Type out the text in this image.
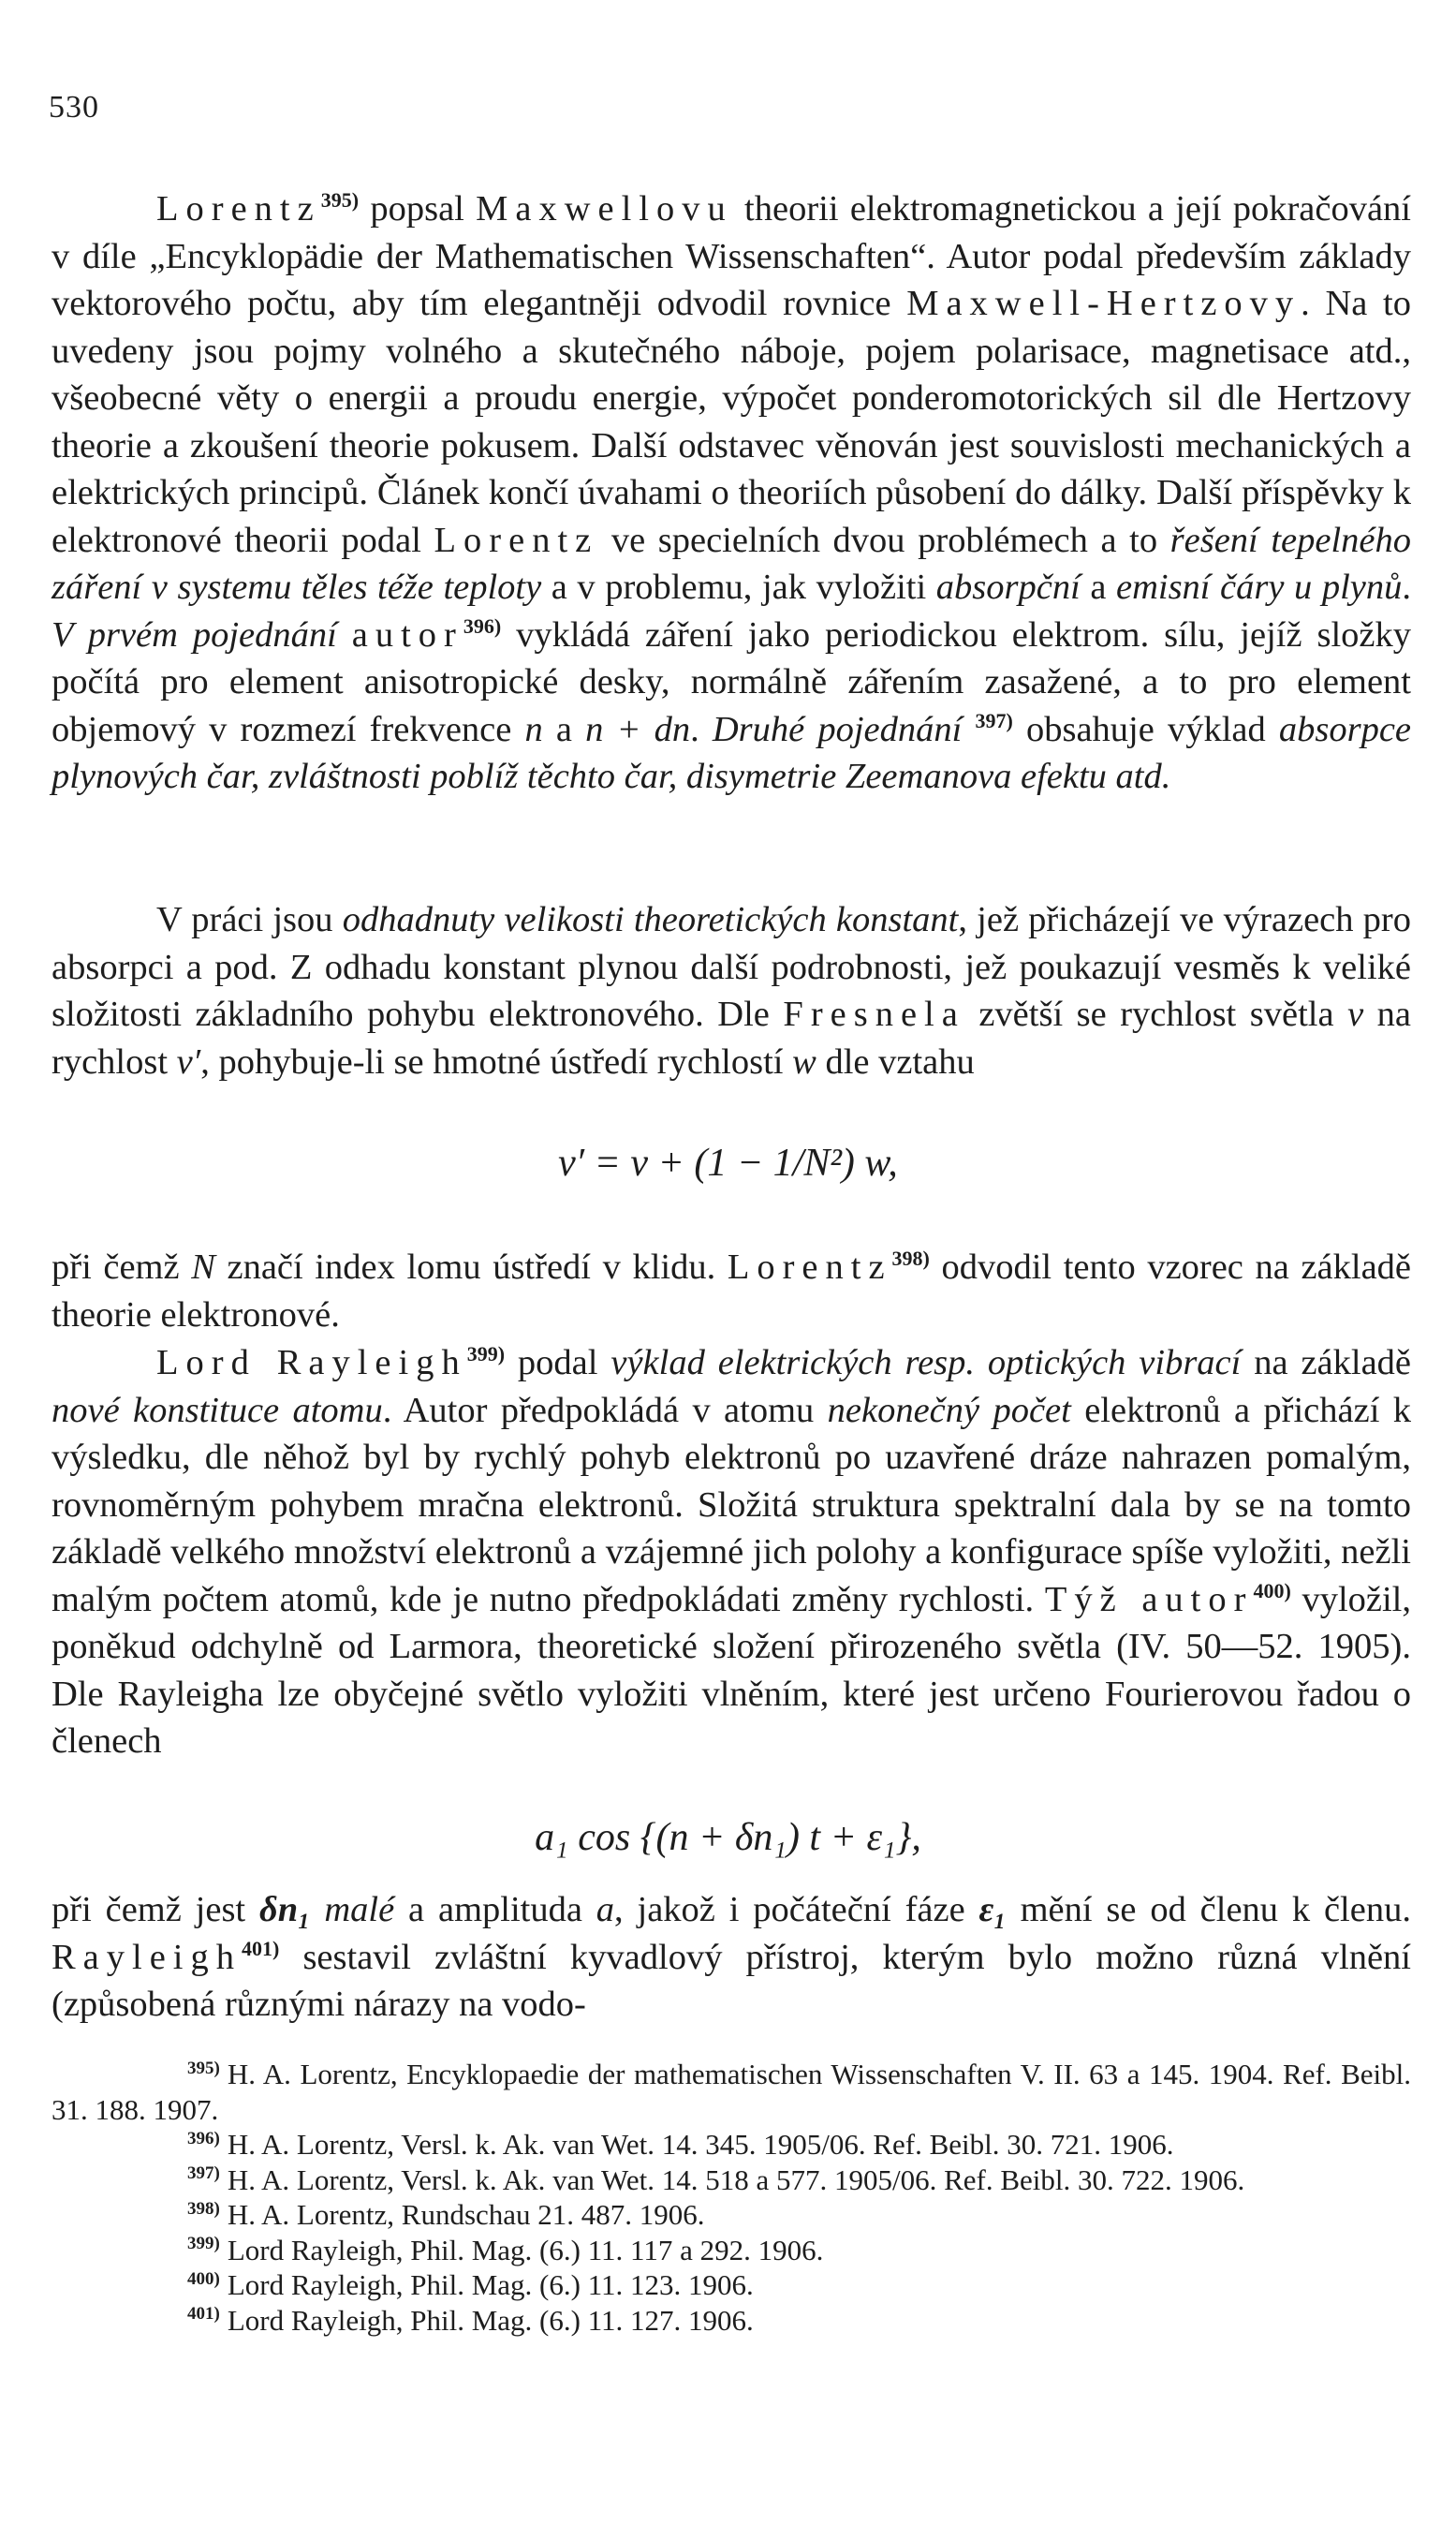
530

Lorentz$^{395)}$ popsal Maxwellovu theorii elektromagnetickou a její pokračování v díle „Encyklopädie der Mathematischen Wissenschaften“. Autor podal především základy vektorového počtu, aby tím elegantněji odvodil rovnice Maxwell-Hertzovy. Na to uvedeny jsou pojmy volného a skutečného náboje, pojem polarisace, magnetisace atd., všeobecné věty o energii a proudu energie, výpočet ponderomotorických sil dle Hertzovy theorie a zkoušení theorie pokusem. Další odstavec věnován jest souvislosti mechanických a elektrických principů. Článek končí úvahami o theoriích působení do dálky. Další příspěvky k elektronové theorii podal Lorentz ve specielních dvou problémech a to řešení tepelného záření v systemu těles téže teploty a v problemu, jak vyložiti absorpční a emisní čáry u plynů. V prvém pojednání autor$^{396)}$ vykládá záření jako periodickou elektrom. sílu, jejíž složky počítá pro element anisotropické desky, normálně zářením zasažené, a to pro element objemový v rozmezí frekvence n a n + dn. Druhé pojednání $^{397)}$ obsahuje výklad absorpce plynových čar, zvláštnosti poblíž těchto čar, disymetrie Zeemanova efektu atd.

V práci jsou odhadnuty velikosti theoretických konstant, jež přicházejí ve výrazech pro absorpci a pod. Z odhadu konstant plynou další podrobnosti, jež poukazují vesměs k veliké složitosti základního pohybu elektronového. Dle Fresnela zvětší se rychlost světla v na rychlost v′, pohybuje-li se hmotné ústředí rychlostí w dle vztahu

v′ = v + (1 − 1/N²) w,

při čemž N značí index lomu ústředí v klidu. Lorentz$^{398)}$ odvodil tento vzorec na základě theorie elektronové.

Lord Rayleigh$^{399)}$ podal výklad elektrických resp. optických vibrací na základě nové konstituce atomu. Autor předpokládá v atomu nekonečný počet elektronů a přichází k výsledku, dle něhož byl by rychlý pohyb elektronů po uzavřené dráze nahrazen pomalým, rovnoměrným pohybem mračna elektronů. Složitá struktura spektralní dala by se na tomto základě velkého množství elektronů a vzájemné jich polohy a konfigurace spíše vyložiti, nežli malým počtem atomů, kde je nutno předpokládati změny rychlosti. Týž autor$^{400)}$ vyložil, poněkud odchylně od Larmora, theoretické složení přirozeného světla (IV. 50—52. 1905). Dle Rayleigha lze obyčejné světlo vyložiti vlněním, které jest určeno Fourierovou řadou o členech

a₁ cos {(n + δn₁) t + ε₁},

při čemž jest δn₁ malé a amplituda a, jakož i počáteční fáze ε₁ mění se od členu k členu. Rayleigh$^{401)}$ sestavil zvláštní kyvadlový přístroj, kterým bylo možno různá vlnění (způsobená různými nárazy na vodo-

$^{395)}$ H. A. Lorentz, Encyklopaedie der mathematischen Wissenschaften V. II. 63 a 145. 1904. Ref. Beibl. 31. 188. 1907.

$^{396)}$ H. A. Lorentz, Versl. k. Ak. van Wet. 14. 345. 1905/06. Ref. Beibl. 30. 721. 1906.

$^{397)}$ H. A. Lorentz, Versl. k. Ak. van Wet. 14. 518 a 577. 1905/06. Ref. Beibl. 30. 722. 1906.

$^{398)}$ H. A. Lorentz, Rundschau 21. 487. 1906.

$^{399)}$ Lord Rayleigh, Phil. Mag. (6.) 11. 117 a 292. 1906.

$^{400)}$ Lord Rayleigh, Phil. Mag. (6.) 11. 123. 1906.

$^{401)}$ Lord Rayleigh, Phil. Mag. (6.) 11. 127. 1906.
